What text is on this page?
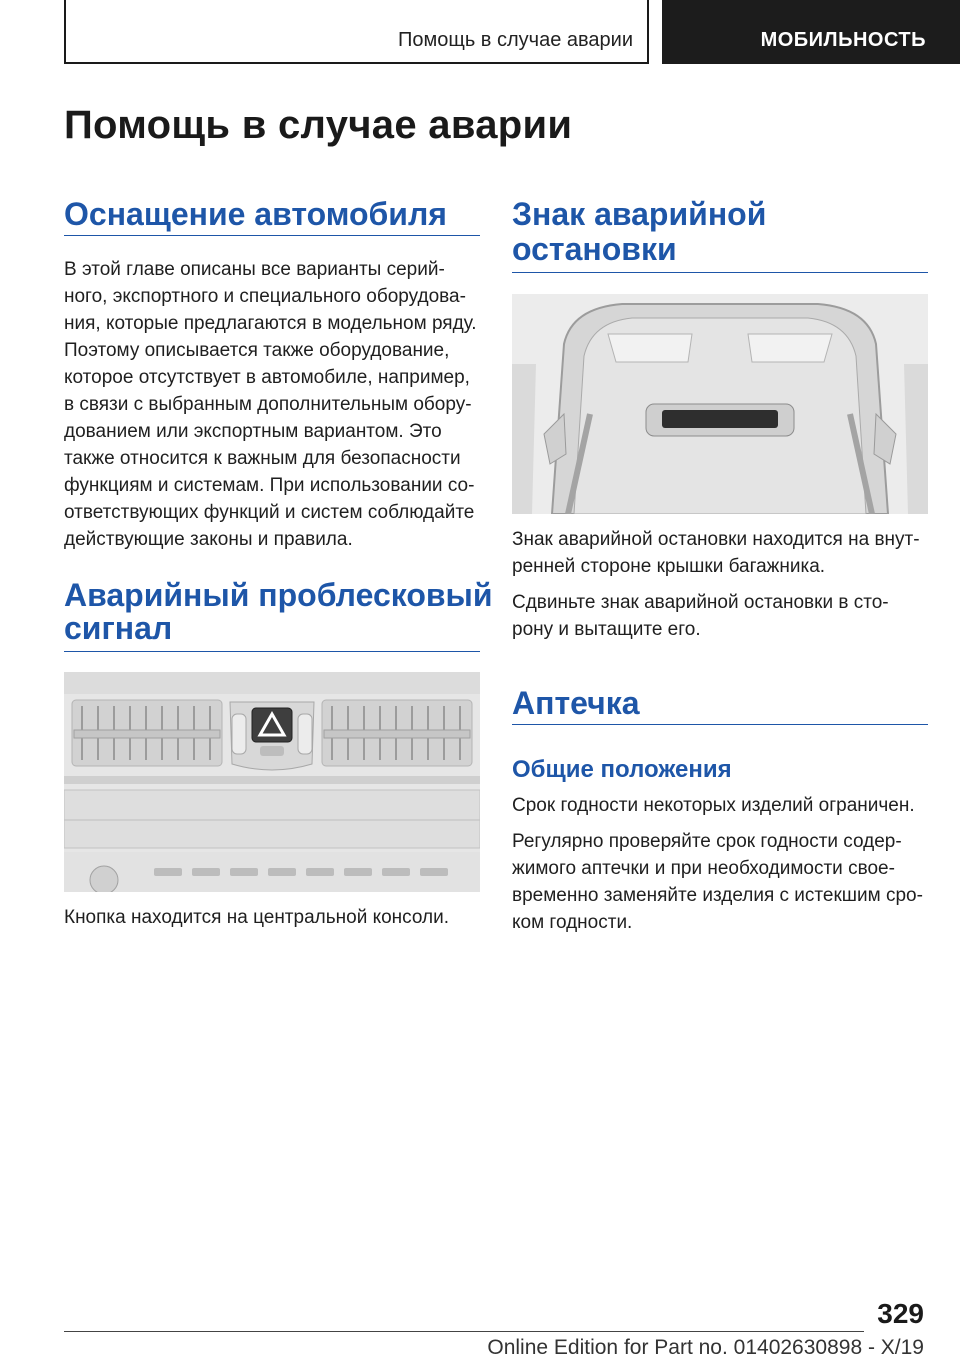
Помощь в случае аварии	МОБИЛЬНОСТЬ
Помощь в случае аварии
Оснащение автомобиля

В этой главе описаны все варианты серий-

ного, экспортного и специального оборудова-

ния, которые предлагаются в модельном ряду.

Поэтому описывается также оборудование,

которое отсутствует в автомобиле, например,

в связи с выбранным дополнительным обору-

дованием или экспортным вариантом. Это

также относится к важным для безопасности

функциям и системам. При использовании со-

ответствующих функций и систем соблюдайте

действующие законы и правила.

Аварийный проблесковый
сигнал

Кнопка находится на центральной консоли.

Знак аварийной
остановки

Знак аварийной остановки находится на внут-

ренней стороне крышки багажника.

Сдвиньте знак аварийной остановки в сто-

рону и вытащите его.

Аптечка
Общие положения

Срок годности некоторых изделий ограничен.

Регулярно проверяйте срок годности содер-

жимого аптечки и при необходимости свое-

временно заменяйте изделия с истекшим сро-

ком годности.

329
Online Edition for Part no. 01402630898 - X/19
